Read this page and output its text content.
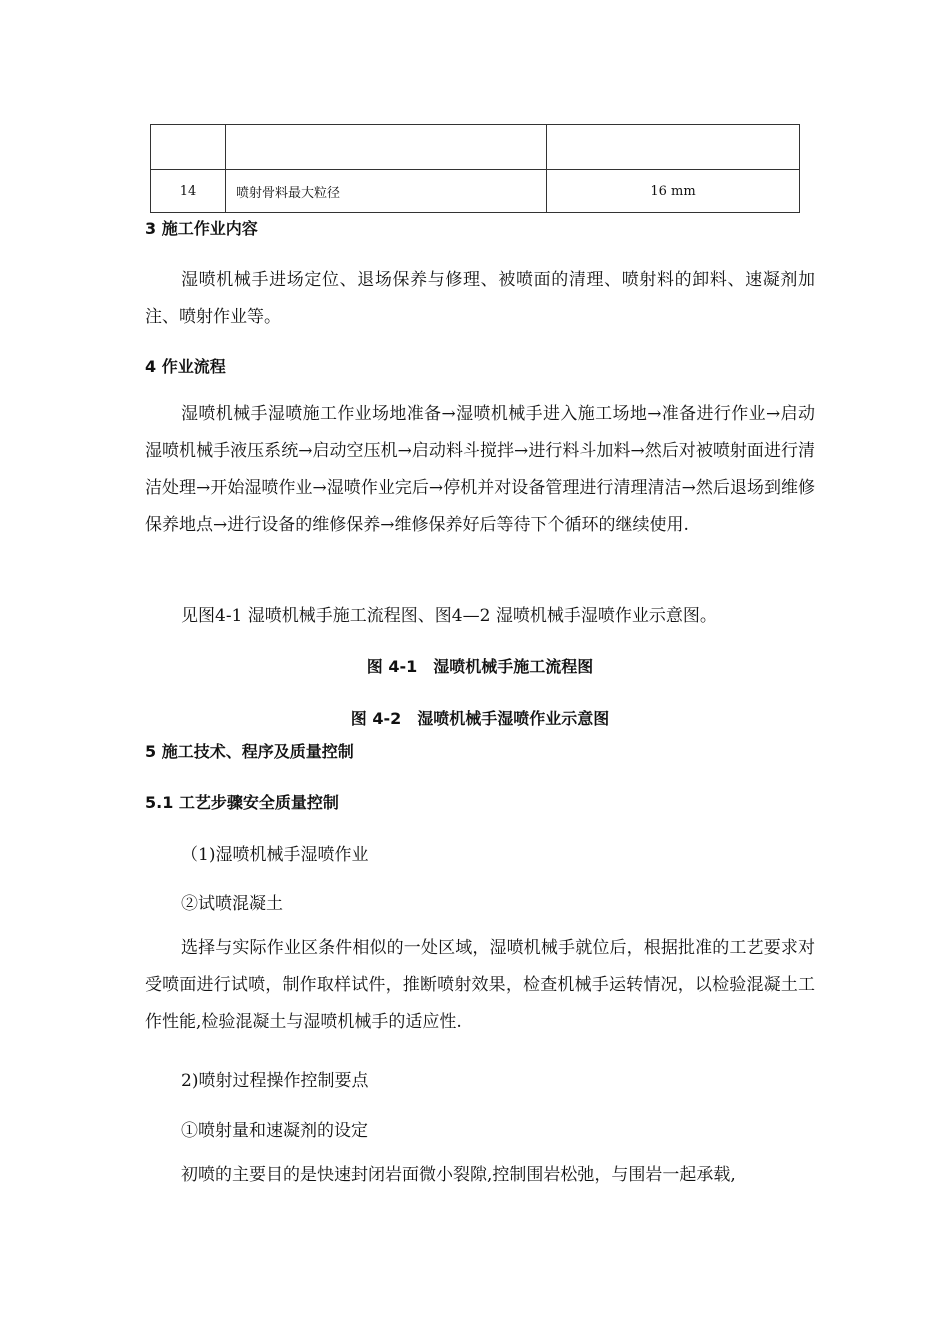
14	喷射骨料最大粒径	16 mm
3 施工作业内容

湿喷机械手进场定位、退场保养与修理、被喷面的清理、喷射料的卸料、速凝剂加注、喷射作业等。

4 作业流程

湿喷机械手湿喷施工作业场地准备→湿喷机械手进入施工场地→准备进行作业→启动湿喷机械手液压系统→启动空压机→启动料斗搅拌→进行料斗加料→然后对被喷射面进行清洁处理→开始湿喷作业→湿喷作业完后→停机并对设备管理进行清理清洁→然后退场到维修保养地点→进行设备的维修保养→维修保养好后等待下个循环的继续使用.

见图4-1 湿喷机械手施工流程图、图4—2 湿喷机械手湿喷作业示意图。

图 4-1　湿喷机械手施工流程图
图 4-2　湿喷机械手湿喷作业示意图
5 施工技术、程序及质量控制
5.1 工艺步骤安全质量控制
（1)湿喷机械手湿喷作业
②试喷混凝土

选择与实际作业区条件相似的一处区域，湿喷机械手就位后，根据批准的工艺要求对受喷面进行试喷，制作取样试件，推断喷射效果，检查机械手运转情况，以检验混凝土工作性能,检验混凝土与湿喷机械手的适应性.

2)喷射过程操作控制要点
①喷射量和速凝剂的设定

初喷的主要目的是快速封闭岩面微小裂隙,控制围岩松弛，与围岩一起承载,
